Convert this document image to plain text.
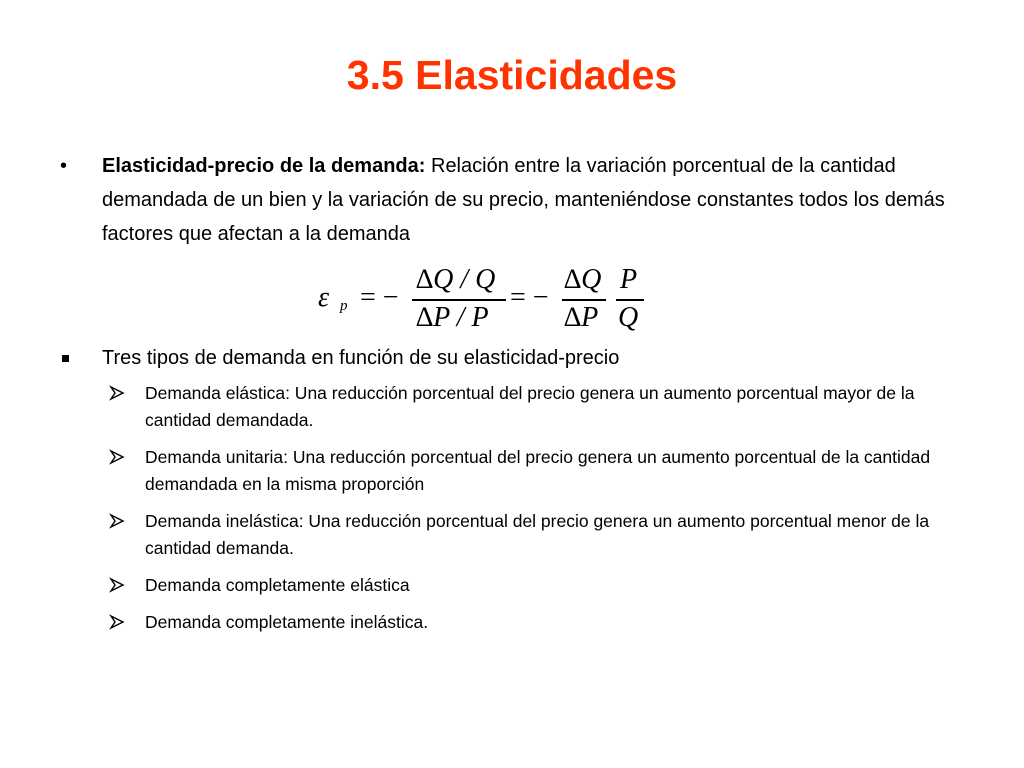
3.5 Elasticidades
• Elasticidad-precio de la demanda: Relación entre la variación porcentual de la cantidad demandada de un bien y la variación de su precio, manteniéndose constantes todos los demás factores que afectan a la demanda
ε p = −
∆Q / Q
∆P / P
= −
∆Q
∆P
P
Q
Tres tipos de demanda en función de su elasticidad-precio
Demanda elástica: Una reducción porcentual del precio genera un aumento porcentual mayor de la cantidad demandada.
Demanda unitaria: Una reducción porcentual del precio genera un aumento porcentual de la cantidad demandada en la misma proporción
Demanda inelástica: Una reducción porcentual del precio genera un aumento porcentual menor de la cantidad demanda.
Demanda completamente elástica
Demanda completamente inelástica.
